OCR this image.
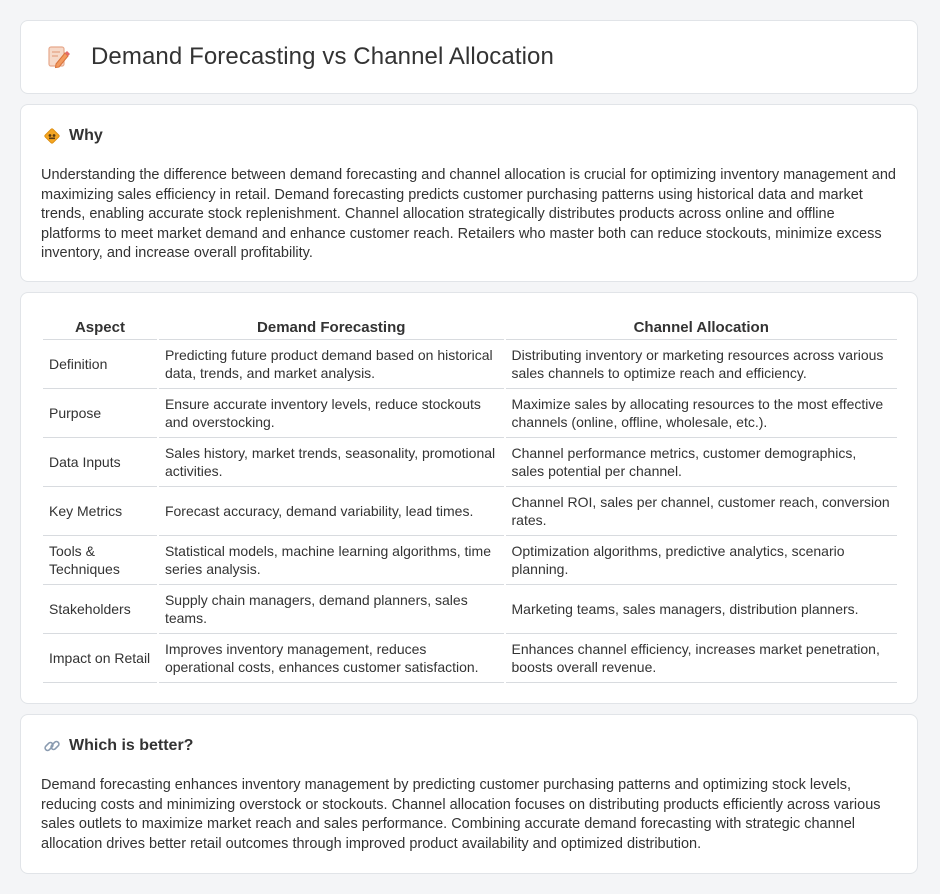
Demand Forecasting vs Channel Allocation
Why

Understanding the difference between demand forecasting and channel allocation is crucial for optimizing inventory management and maximizing sales efficiency in retail. Demand forecasting predicts customer purchasing patterns using historical data and market trends, enabling accurate stock replenishment. Channel allocation strategically distributes products across online and offline platforms to meet market demand and enhance customer reach. Retailers who master both can reduce stockouts, minimize excess inventory, and increase overall profitability.

Aspect	Demand Forecasting	Channel Allocation
Definition	Predicting future product demand based on historical data, trends, and market analysis.	Distributing inventory or marketing resources across various sales channels to optimize reach and efficiency.
Purpose	Ensure accurate inventory levels, reduce stockouts and overstocking.	Maximize sales by allocating resources to the most effective channels (online, offline, wholesale, etc.).
Data Inputs	Sales history, market trends, seasonality, promotional activities.	Channel performance metrics, customer demographics, sales potential per channel.
Key Metrics	Forecast accuracy, demand variability, lead times.	Channel ROI, sales per channel, customer reach, conversion rates.
Tools & Techniques	Statistical models, machine learning algorithms, time series analysis.	Optimization algorithms, predictive analytics, scenario planning.
Stakeholders	Supply chain managers, demand planners, sales teams.	Marketing teams, sales managers, distribution planners.
Impact on Retail	Improves inventory management, reduces operational costs, enhances customer satisfaction.	Enhances channel efficiency, increases market penetration, boosts overall revenue.
Which is better?

Demand forecasting enhances inventory management by predicting customer purchasing patterns and optimizing stock levels, reducing costs and minimizing overstock or stockouts. Channel allocation focuses on distributing products efficiently across various sales outlets to maximize market reach and sales performance. Combining accurate demand forecasting with strategic channel allocation drives better retail outcomes through improved product availability and optimized distribution.
